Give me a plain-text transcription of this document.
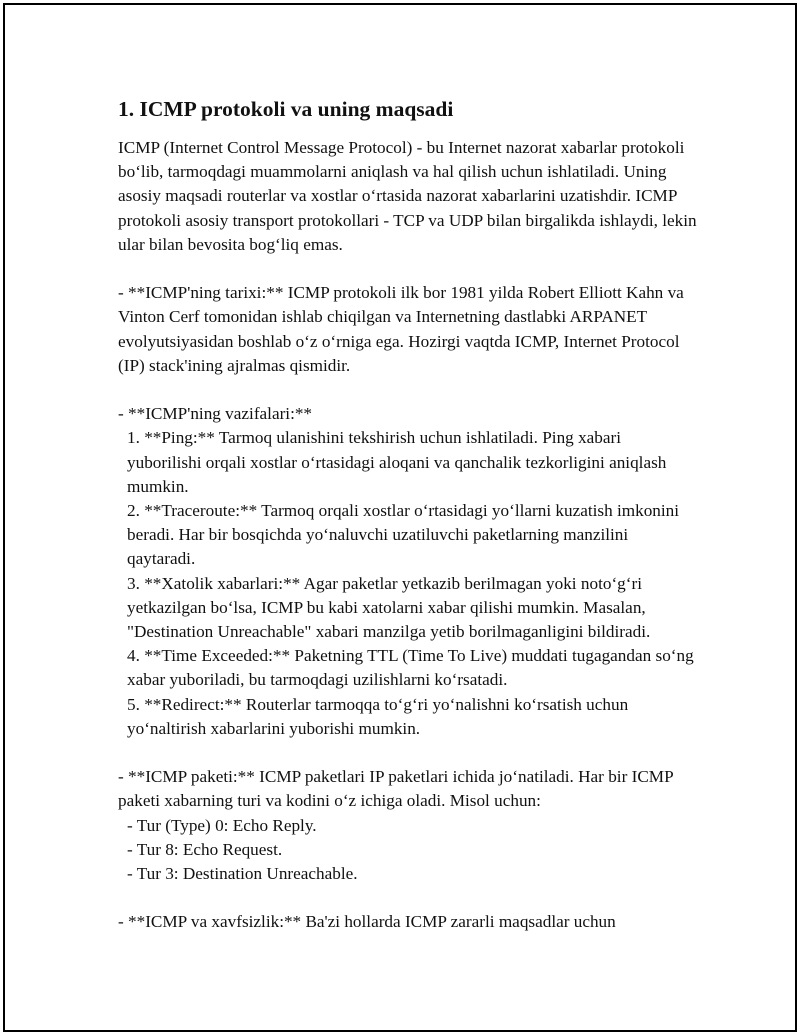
1. ICMP protokoli va uning maqsadi

ICMP (Internet Control Message Protocol) - bu Internet nazorat xabarlar protokoli bo‘lib, tarmoqdagi muammolarni aniqlash va hal qilish uchun ishlatiladi. Uning asosiy maqsadi routerlar va xostlar o‘rtasida nazorat xabarlarini uzatishdir. ICMP protokoli asosiy transport protokollari - TCP va UDP bilan birgalikda ishlaydi, lekin ular bilan bevosita bog‘liq emas.

- **ICMP'ning tarixi:** ICMP protokoli ilk bor 1981 yilda Robert Elliott Kahn va Vinton Cerf tomonidan ishlab chiqilgan va Internetning dastlabki ARPANET evolyutsiyasidan boshlab o‘z o‘rniga ega. Hozirgi vaqtda ICMP, Internet Protocol (IP) stack'ining ajralmas qismidir.

- **ICMP'ning vazifalari:**

1. **Ping:** Tarmoq ulanishini tekshirish uchun ishlatiladi. Ping xabari yuborilishi orqali xostlar o‘rtasidagi aloqani va qanchalik tezkorligini aniqlash mumkin.

2. **Traceroute:** Tarmoq orqali xostlar o‘rtasidagi yo‘llarni kuzatish imkonini beradi. Har bir bosqichda yo‘naluvchi uzatiluvchi paketlarning manzilini qaytaradi.

3. **Xatolik xabarlari:** Agar paketlar yetkazib berilmagan yoki noto‘g‘ri yetkazilgan bo‘lsa, ICMP bu kabi xatolarni xabar qilishi mumkin. Masalan, "Destination Unreachable" xabari manzilga yetib borilmaganligini bildiradi.

4. **Time Exceeded:** Paketning TTL (Time To Live) muddati tugagandan so‘ng xabar yuboriladi, bu tarmoqdagi uzilishlarni ko‘rsatadi.

5. **Redirect:** Routerlar tarmoqqa to‘g‘ri yo‘nalishni ko‘rsatish uchun yo‘naltirish xabarlarini yuborishi mumkin.

- **ICMP paketi:** ICMP paketlari IP paketlari ichida jo‘natiladi. Har bir ICMP paketi xabarning turi va kodini o‘z ichiga oladi. Misol uchun:

- Tur (Type) 0: Echo Reply.

- Tur 8: Echo Request.

- Tur 3: Destination Unreachable.

- **ICMP va xavfsizlik:** Ba'zi hollarda ICMP zararli maqsadlar uchun
